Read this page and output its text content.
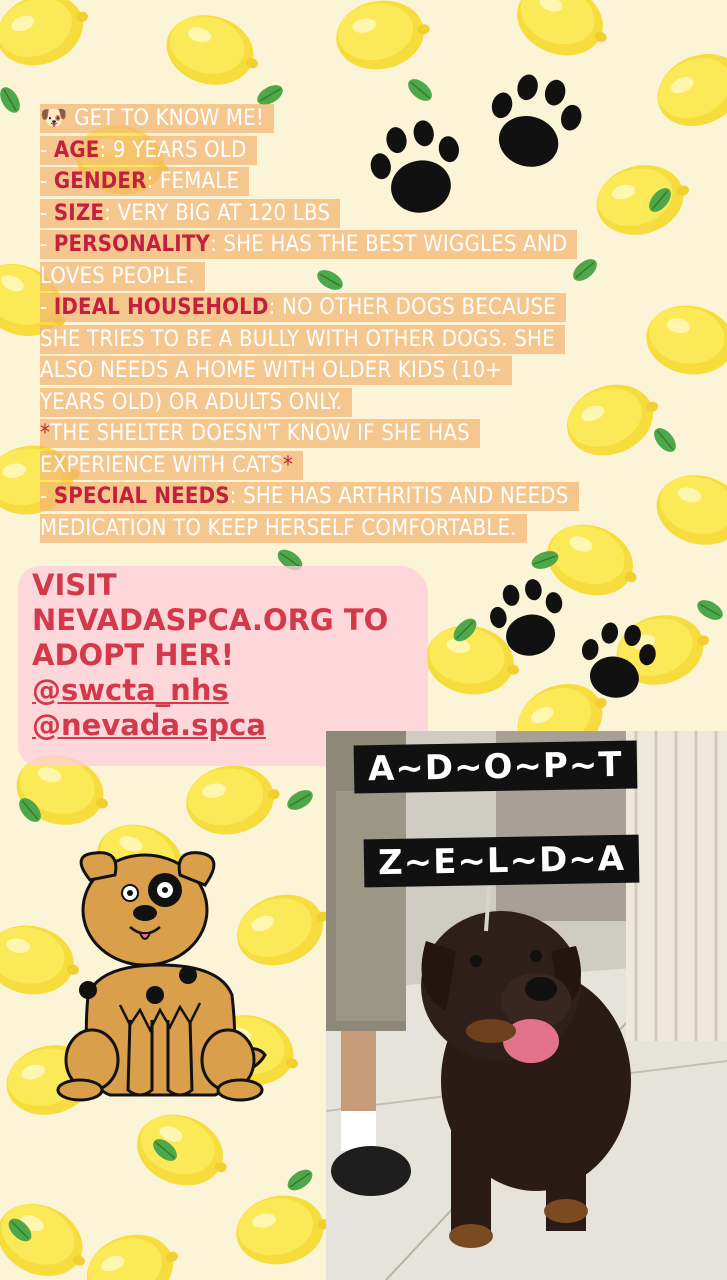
🐶 GET TO KNOW ME!
- AGE: 9 YEARS OLD
- GENDER: FEMALE
- SIZE: VERY BIG AT 120 LBS
- PERSONALITY: SHE HAS THE BEST WIGGLES AND
LOVES PEOPLE.
- IDEAL HOUSEHOLD: NO OTHER DOGS BECAUSE
SHE TRIES TO BE A BULLY WITH OTHER DOGS. SHE
ALSO NEEDS A HOME WITH OLDER KIDS (10+
YEARS OLD) OR ADULTS ONLY.
*THE SHELTER DOESN'T KNOW IF SHE HAS
EXPERIENCE WITH CATS*
- SPECIAL NEEDS: SHE HAS ARTHRITIS AND NEEDS
MEDICATION TO KEEP HERSELF COMFORTABLE.
VISIT
NEVADASPCA.ORG TO
ADOPT HER!
@swcta_nhs
@nevada.spca
A~D~O~P~T
Z~E~L~D~A
